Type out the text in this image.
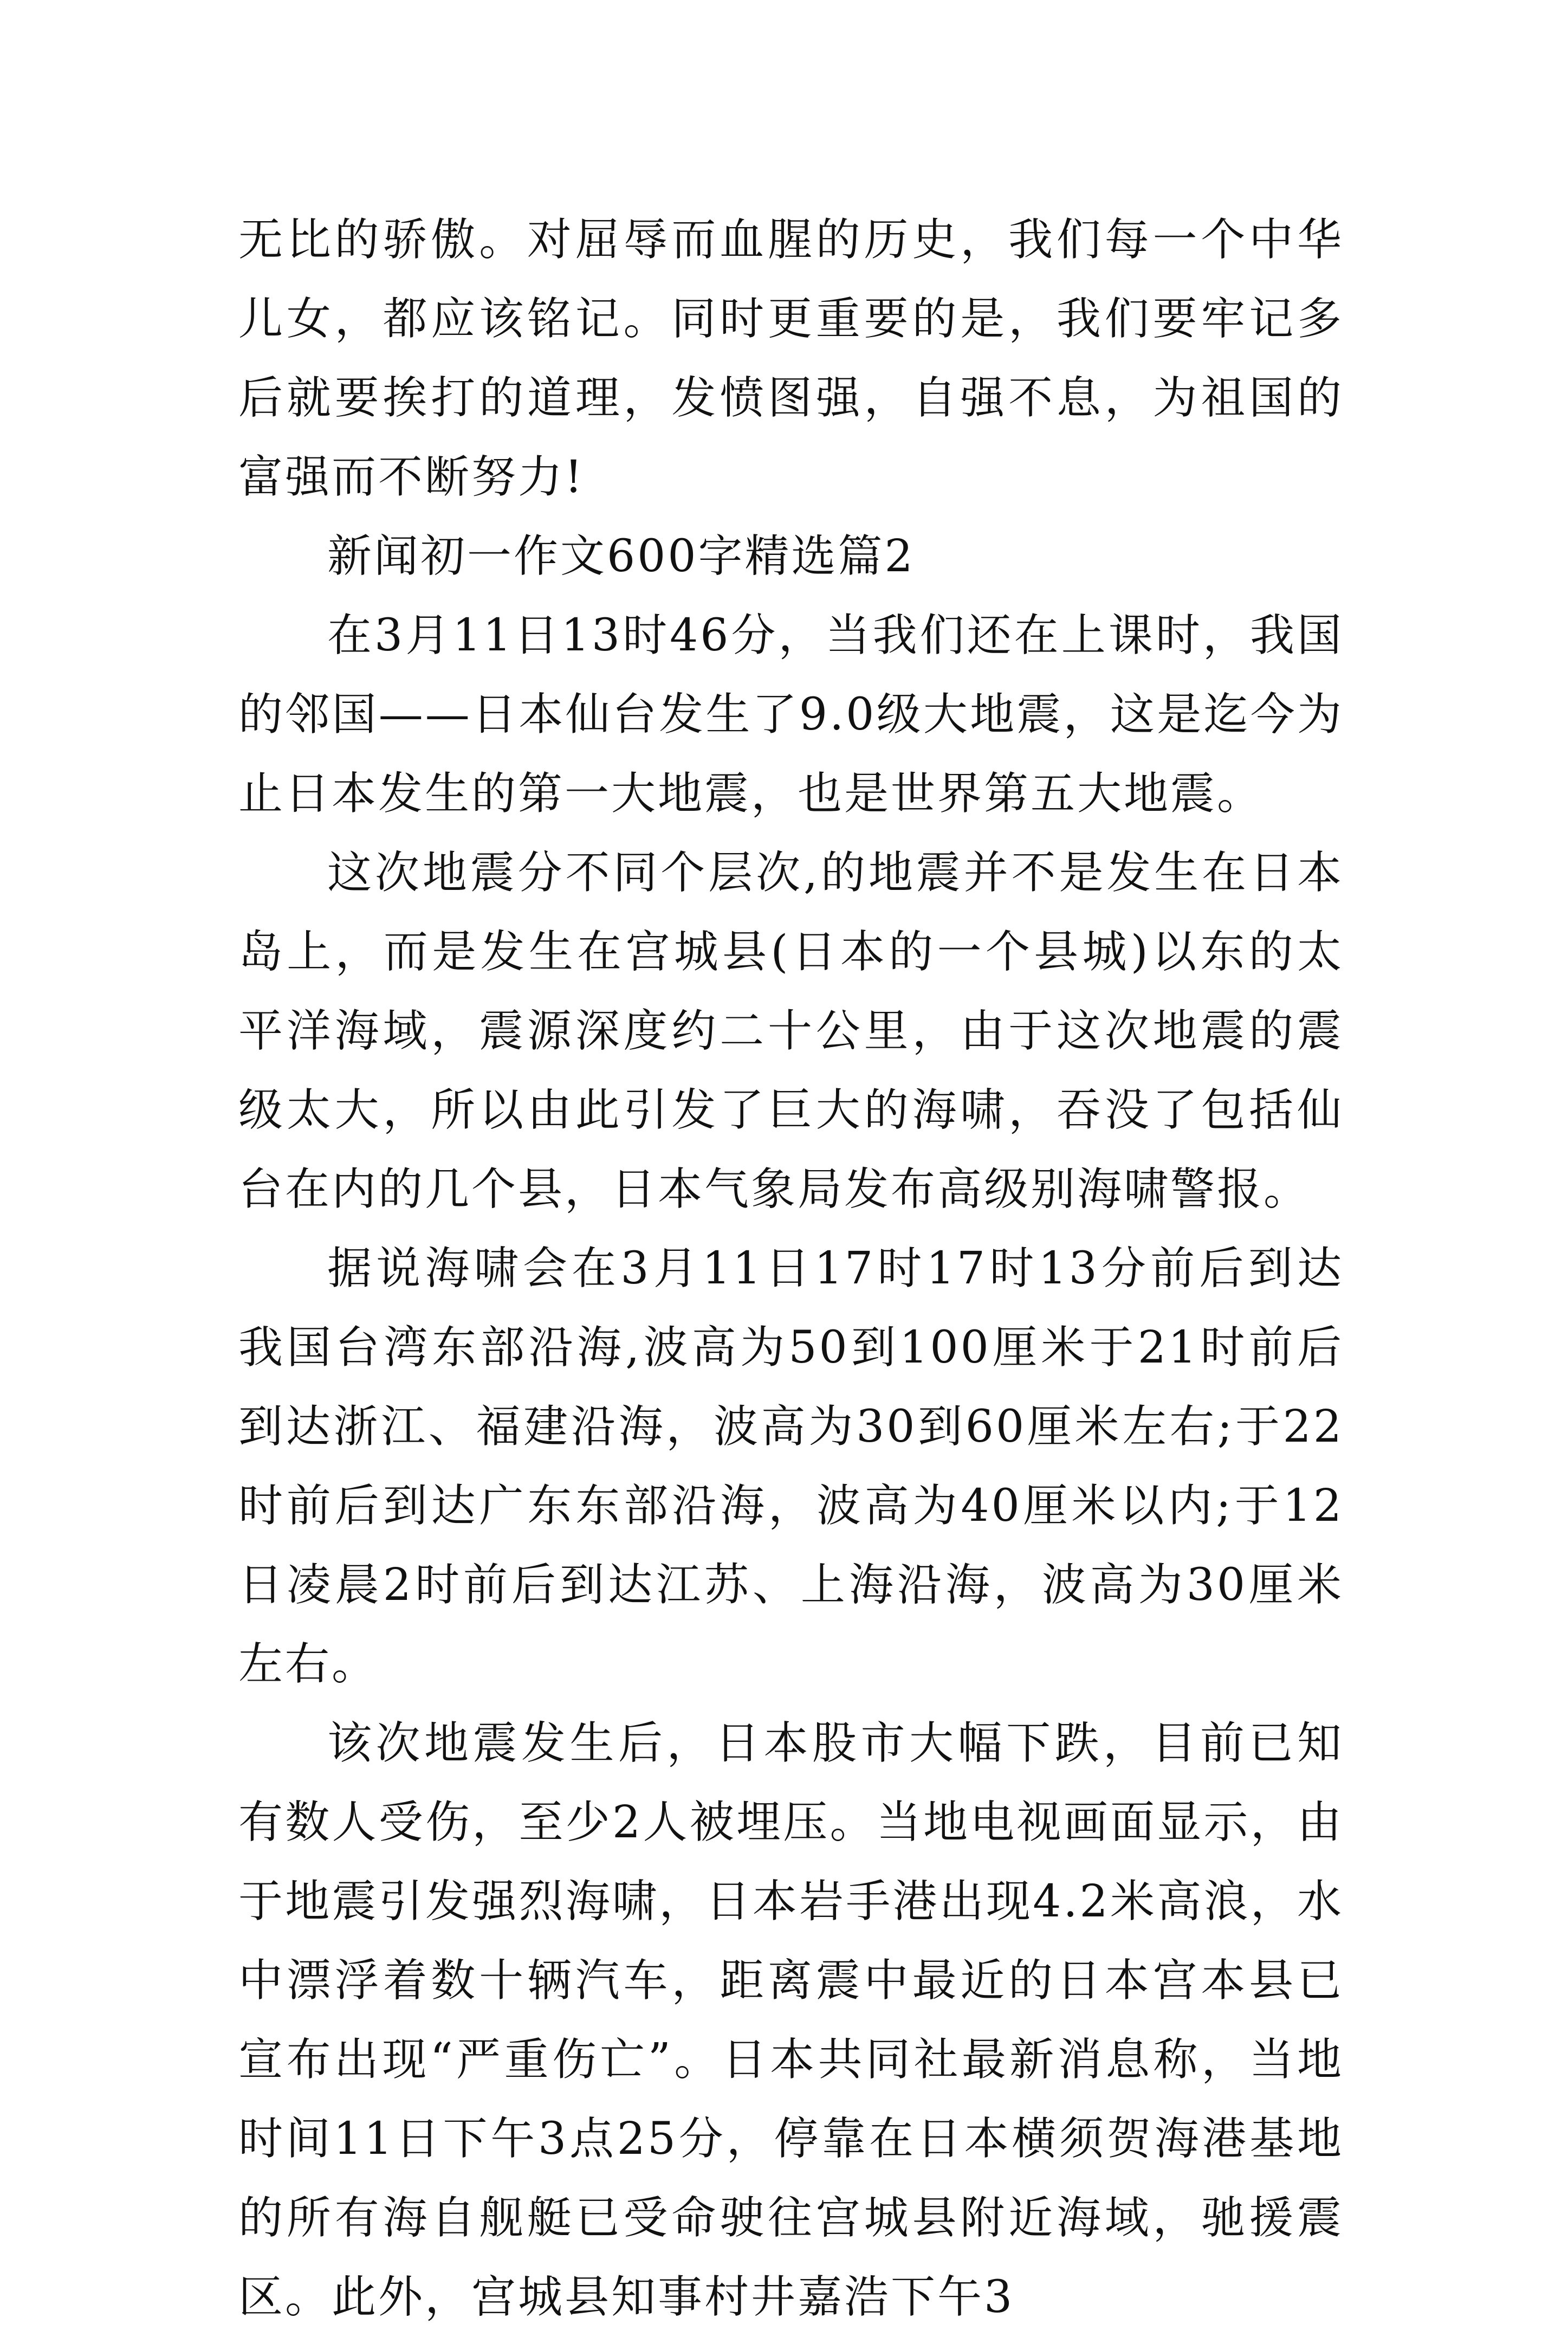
无比的骄傲。对屈辱而血腥的历史，我们每一个中华儿女，都应该铭记。同时更重要的是，我们要牢记多后就要挨打的道理，发愤图强，自强不息，为祖国的富强而不断努力!

新闻初一作文600字精选篇2

在3月11日13时46分，当我们还在上课时，我国的邻国——日本仙台发生了9.0级大地震，这是迄今为止日本发生的第一大地震，也是世界第五大地震。

这次地震分不同个层次,的地震并不是发生在日本岛上，而是发生在宫城县(日本的一个县城)以东的太平洋海域，震源深度约二十公里，由于这次地震的震级太大，所以由此引发了巨大的海啸，吞没了包括仙台在内的几个县，日本气象局发布高级别海啸警报。

据说海啸会在3月11日17时17时13分前后到达我国台湾东部沿海,波高为50到100厘米于21时前后到达浙江、福建沿海，波高为30到60厘米左右;于22时前后到达广东东部沿海，波高为40厘米以内;于12日凌晨2时前后到达江苏、上海沿海，波高为30厘米左右。

该次地震发生后，日本股市大幅下跌，目前已知有数人受伤，至少2人被埋压。当地电视画面显示，由于地震引发强烈海啸，日本岩手港出现4.2米高浪，水中漂浮着数十辆汽车，距离震中最近的日本宫本县已宣布出现“严重伤亡”。日本共同社最新消息称，当地时间11日下午3点25分，停靠在日本横须贺海港基地的所有海自舰艇已受命驶往宫城县附近海域，驰援震区。此外，宫城县知事村井嘉浩下午3
